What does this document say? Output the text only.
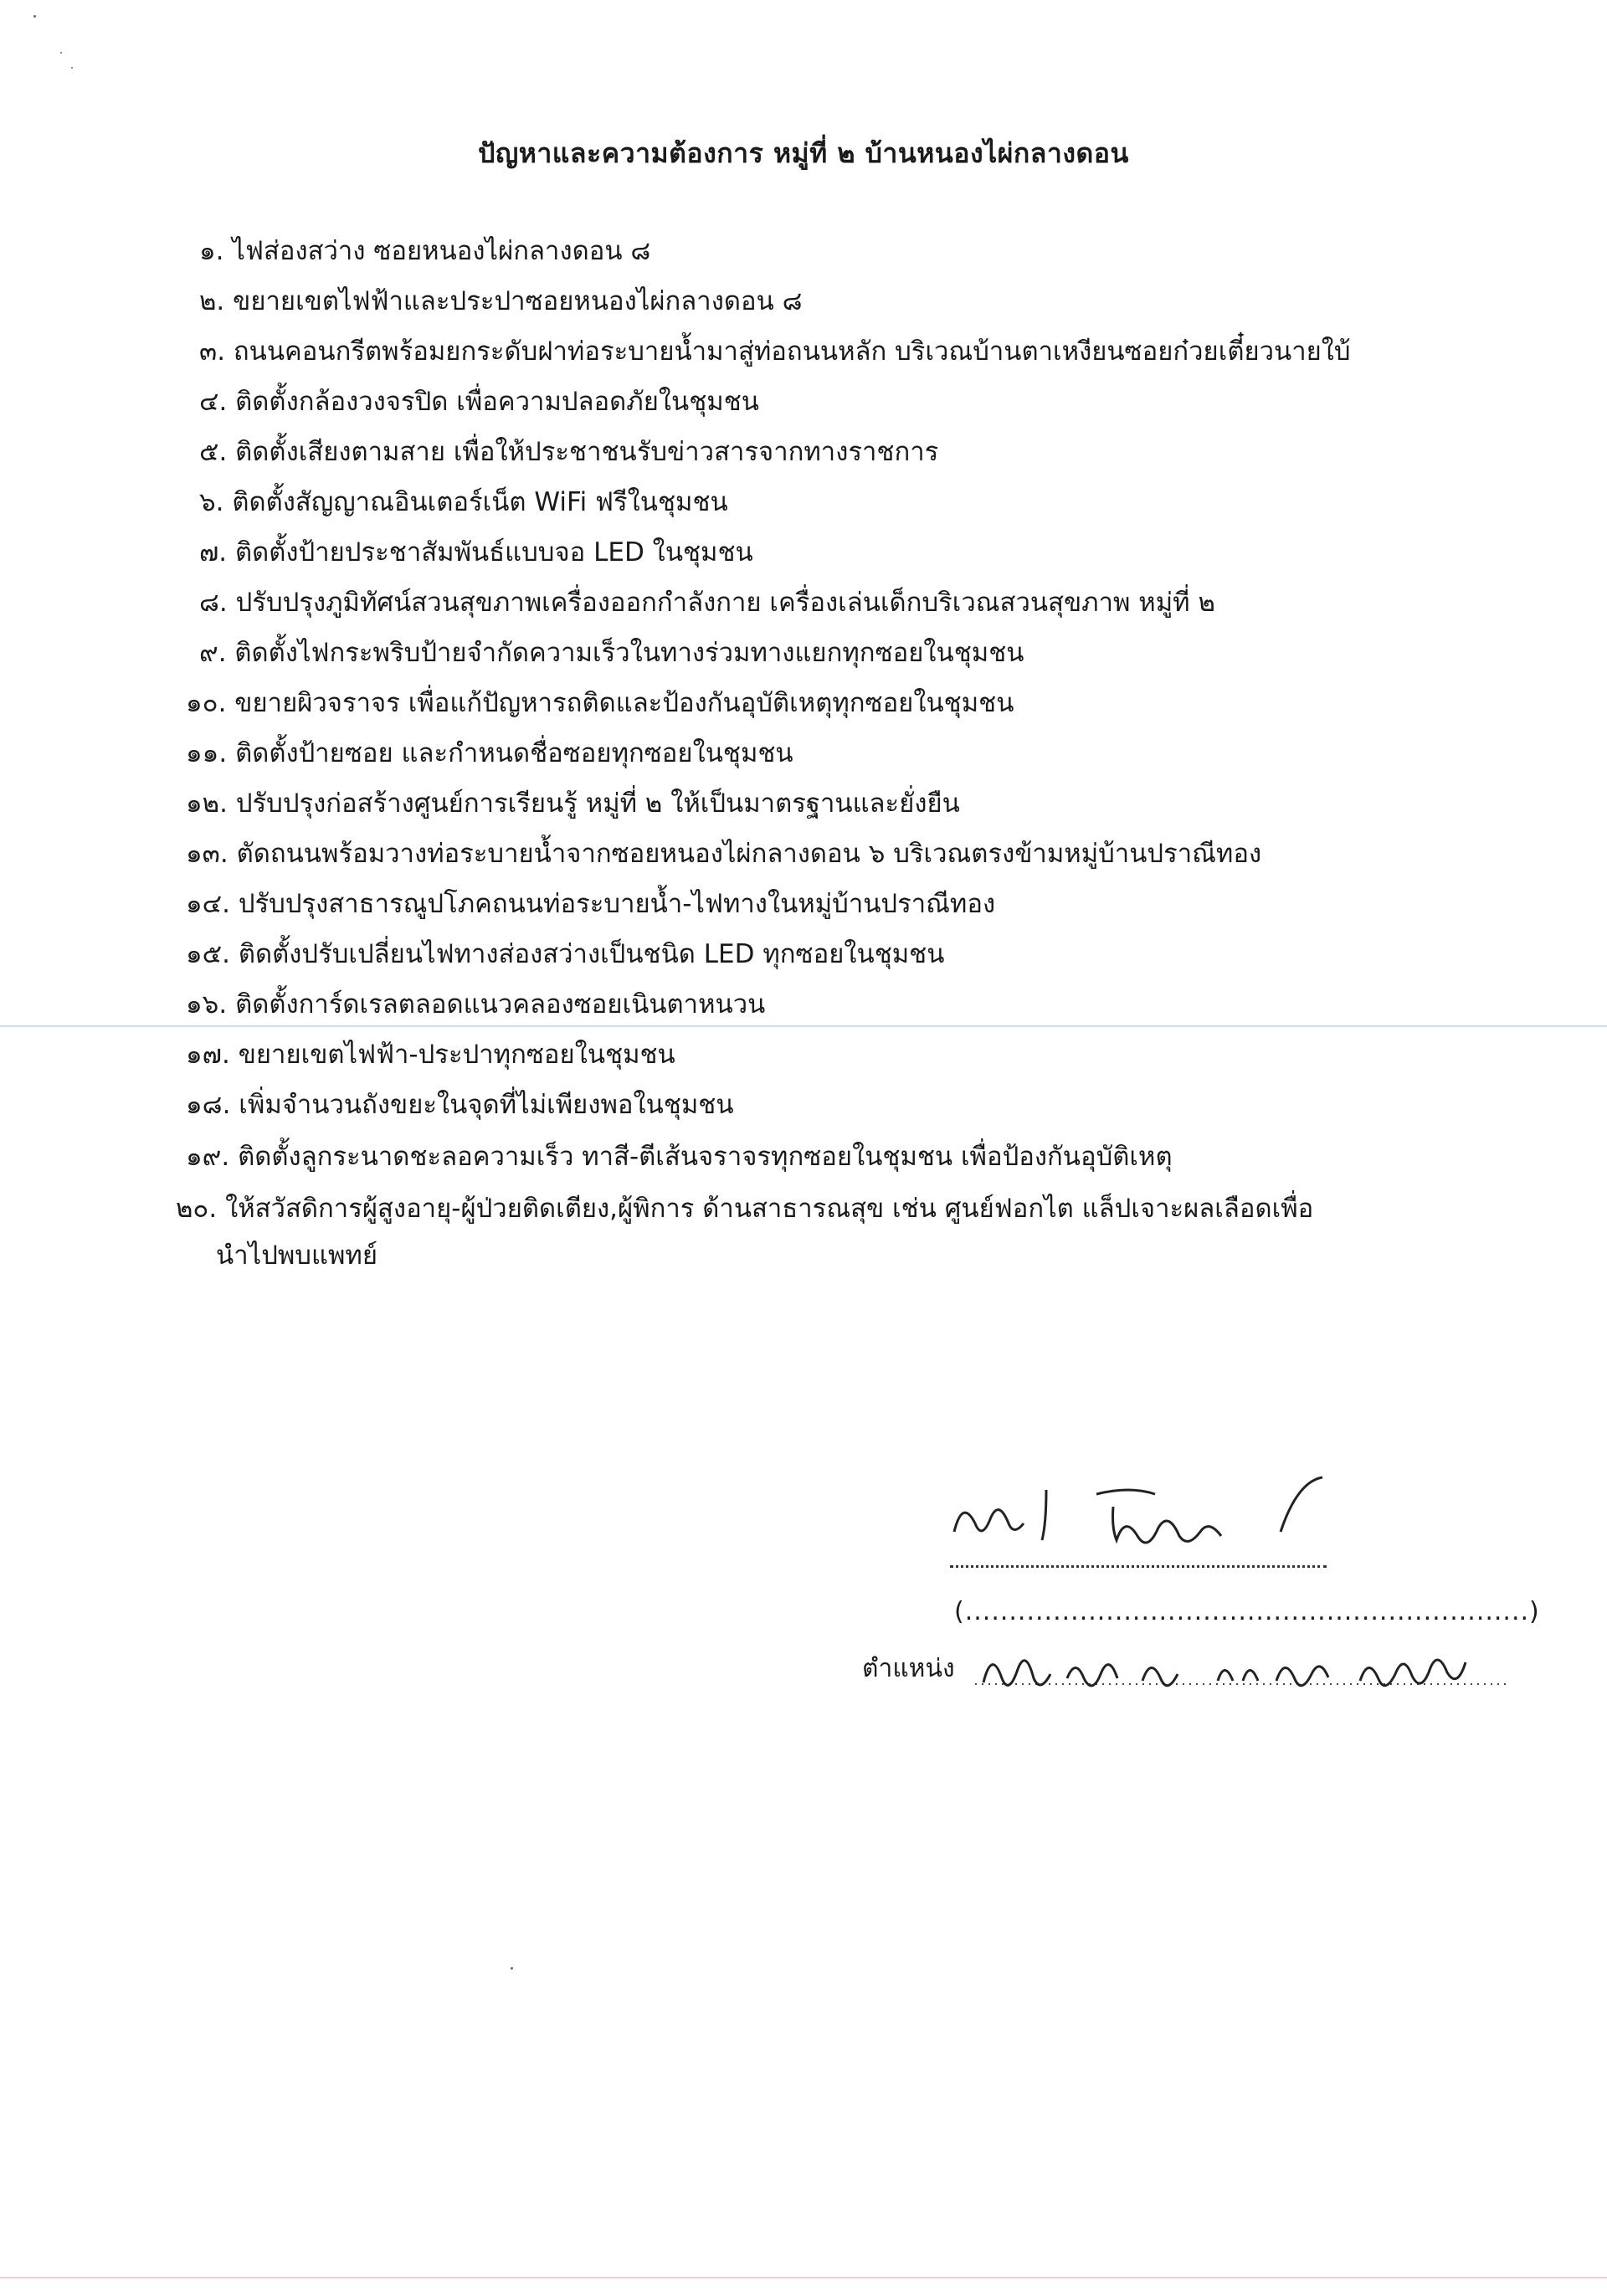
ปัญหาและความต้องการ หมู่ที่ ๒ บ้านหนองไผ่กลางดอน
๑. ไฟส่องสว่าง ซอยหนองไผ่กลางดอน ๘
๒. ขยายเขตไฟฟ้าและประปาซอยหนองไผ่กลางดอน ๘
๓. ถนนคอนกรีตพร้อมยกระดับฝาท่อระบายน้ำมาสู่ท่อถนนหลัก บริเวณบ้านตาเหงียนซอยก๋วยเตี๋ยวนายใบ้
๔. ติดตั้งกล้องวงจรปิด เพื่อความปลอดภัยในชุมชน
๕. ติดตั้งเสียงตามสาย เพื่อให้ประชาชนรับข่าวสารจากทางราชการ
๖. ติดตั้งสัญญาณอินเตอร์เน็ต WiFi ฟรีในชุมชน
๗. ติดตั้งป้ายประชาสัมพันธ์แบบจอ LED ในชุมชน
๘. ปรับปรุงภูมิทัศน์สวนสุขภาพเครื่องออกกำลังกาย เครื่องเล่นเด็กบริเวณสวนสุขภาพ หมู่ที่ ๒
๙. ติดตั้งไฟกระพริบป้ายจำกัดความเร็วในทางร่วมทางแยกทุกซอยในชุมชน
๑๐. ขยายผิวจราจร เพื่อแก้ปัญหารถติดและป้องกันอุบัติเหตุทุกซอยในชุมชน
๑๑. ติดตั้งป้ายซอย และกำหนดชื่อซอยทุกซอยในชุมชน
๑๒. ปรับปรุงก่อสร้างศูนย์การเรียนรู้ หมู่ที่ ๒ ให้เป็นมาตรฐานและยั่งยืน
๑๓. ตัดถนนพร้อมวางท่อระบายน้ำจากซอยหนองไผ่กลางดอน ๖ บริเวณตรงข้ามหมู่บ้านปราณีทอง
๑๔. ปรับปรุงสาธารณูปโภคถนนท่อระบายน้ำ-ไฟทางในหมู่บ้านปราณีทอง
๑๕. ติดตั้งปรับเปลี่ยนไฟทางส่องสว่างเป็นชนิด LED ทุกซอยในชุมชน
๑๖. ติดตั้งการ์ดเรลตลอดแนวคลองซอยเนินตาหนวน
๑๗. ขยายเขตไฟฟ้า-ประปาทุกซอยในชุมชน
๑๘. เพิ่มจำนวนถังขยะในจุดที่ไม่เพียงพอในชุมชน
๑๙. ติดตั้งลูกระนาดชะลอความเร็ว ทาสี-ตีเส้นจราจรทุกซอยในชุมชน เพื่อป้องกันอุบัติเหตุ
๒๐. ให้สวัสดิการผู้สูงอายุ-ผู้ป่วยติดเตียง,ผู้พิการ ด้านสาธารณสุข เช่น ศูนย์ฟอกไต แล็ปเจาะผลเลือดเพื่อ
นำไปพบแพทย์
(................................................................)
ตำแหน่ง
